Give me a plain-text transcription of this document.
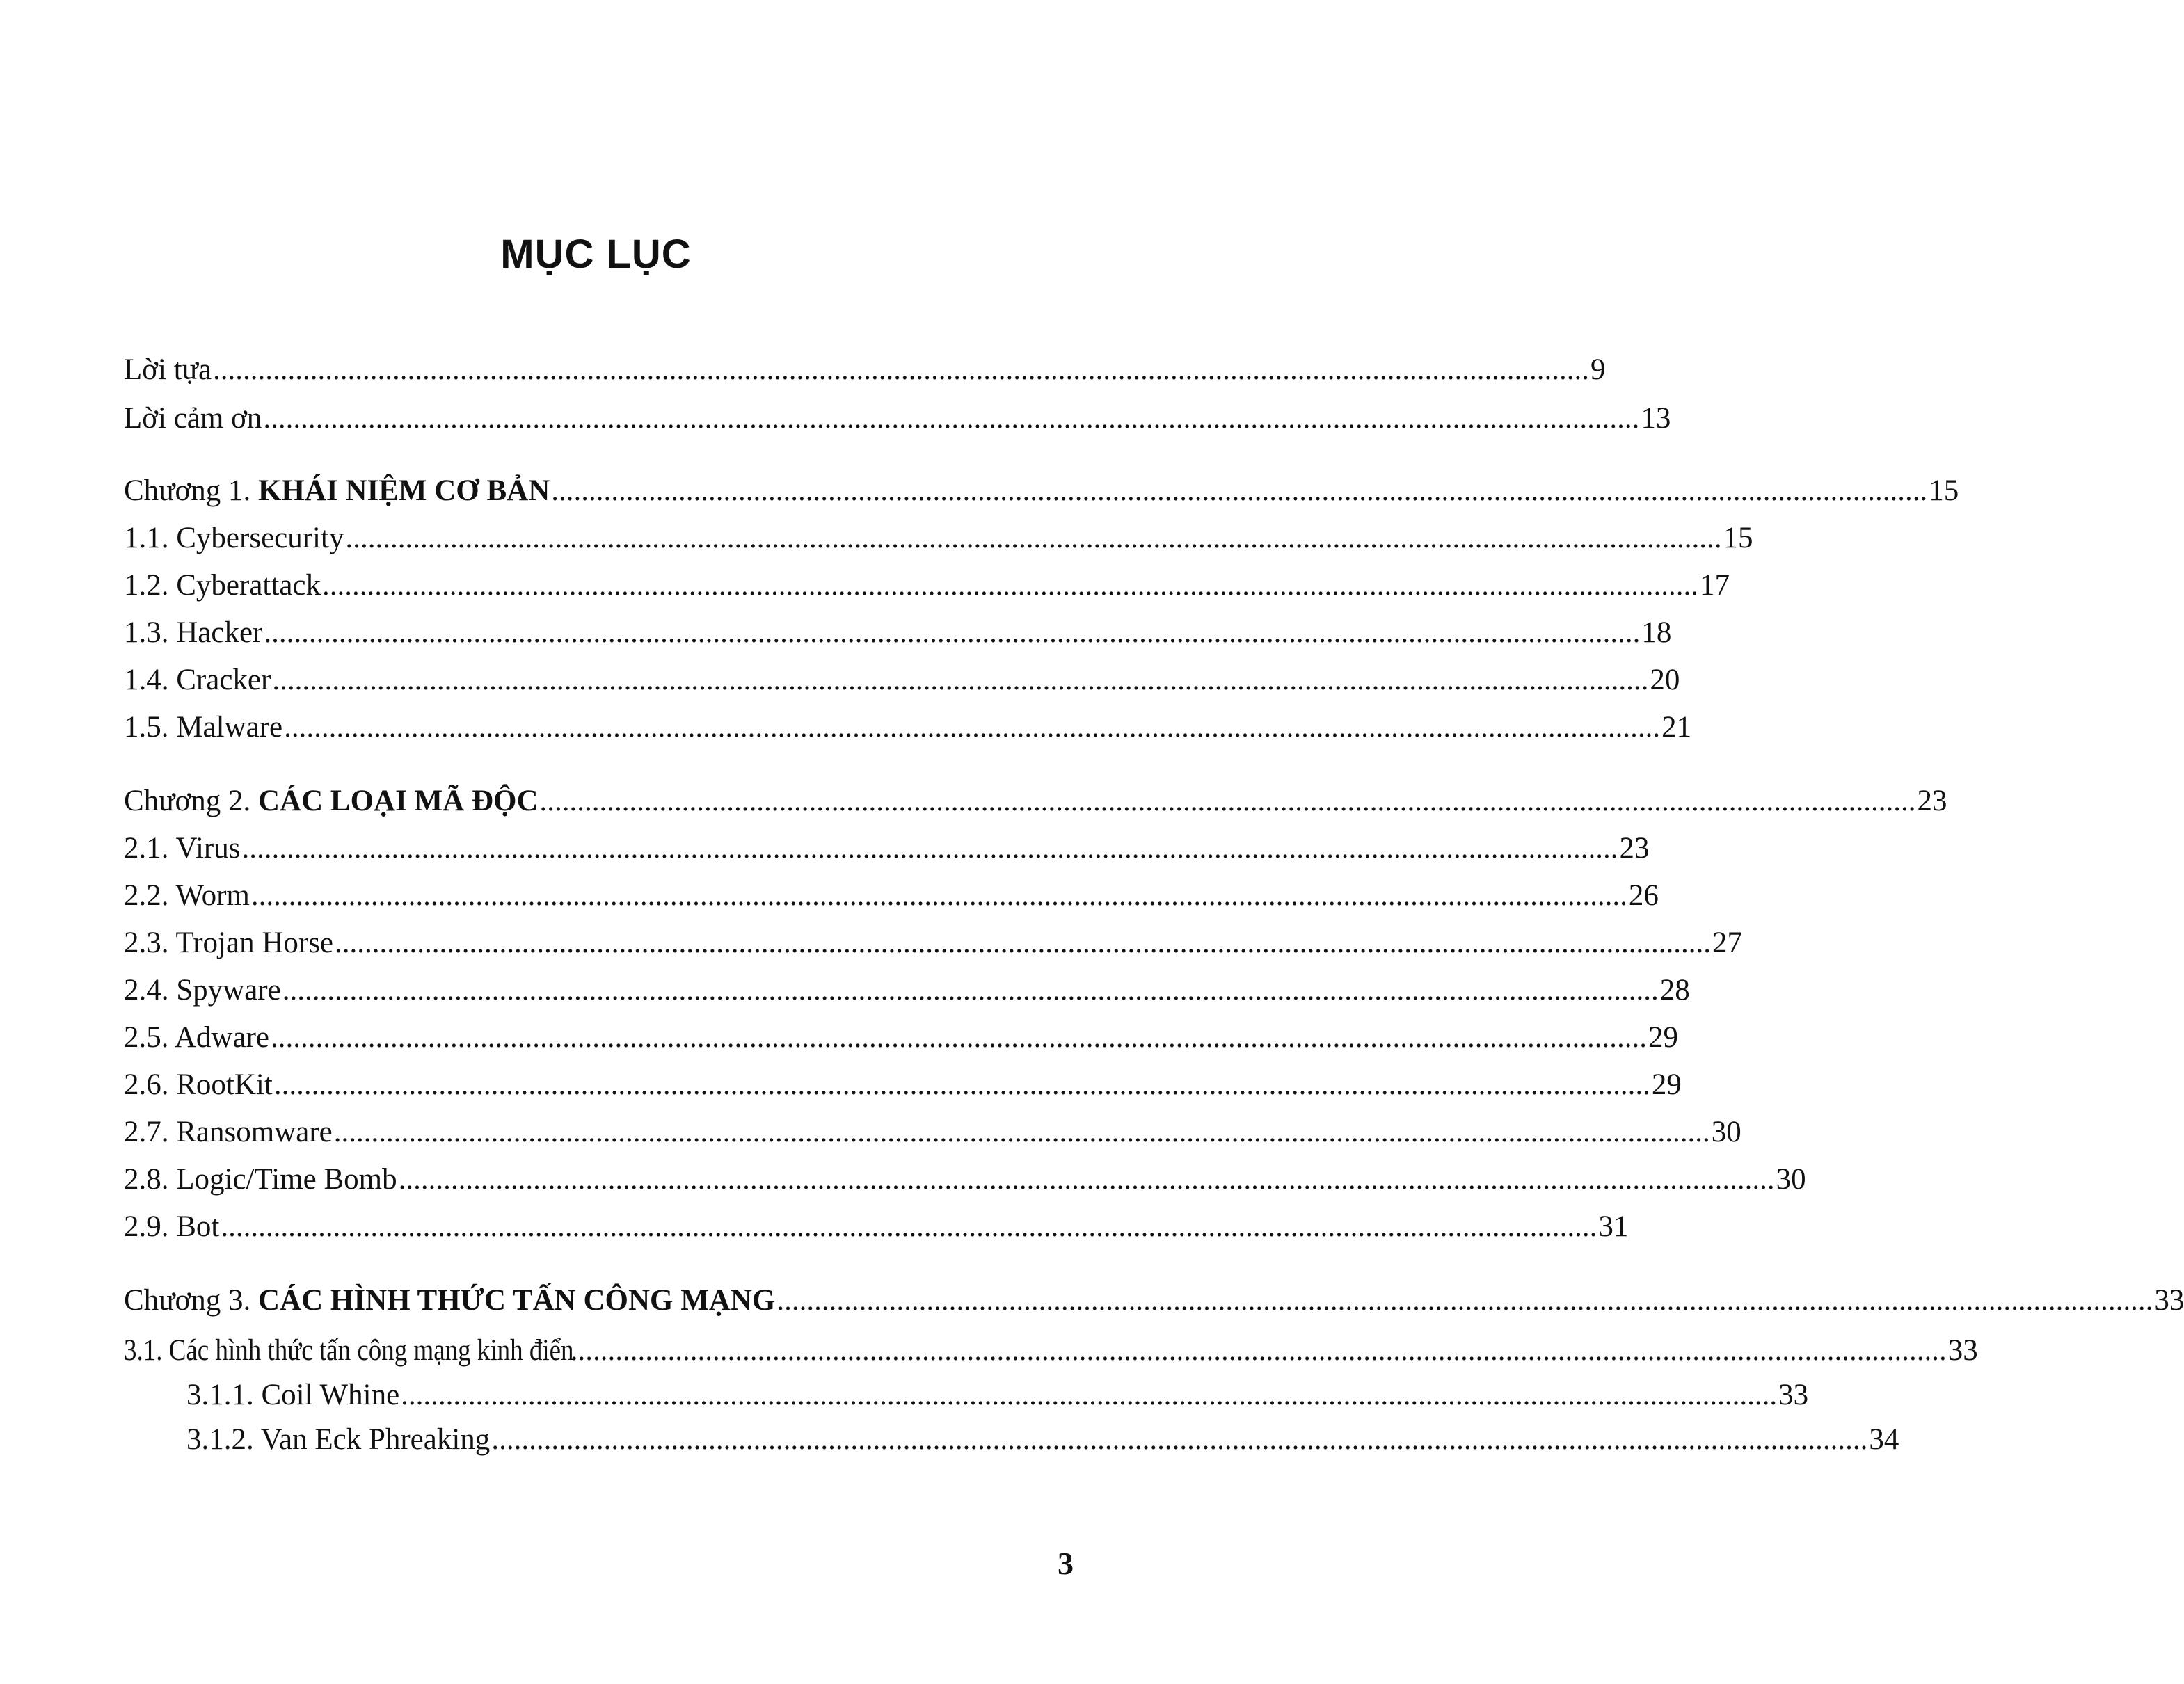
MỤC LỤC
Lời tựa ........................................................................................................................................................................................ 9
Lời cảm ơn ........................................................................................................................................................................................ 13
Chương 1. KHÁI NIỆM CƠ BẢN ........................................................................................................................................................................................ 15
1.1. Cybersecurity ........................................................................................................................................................................................ 15
1.2. Cyberattack ........................................................................................................................................................................................ 17
1.3. Hacker ........................................................................................................................................................................................ 18
1.4. Cracker ........................................................................................................................................................................................ 20
1.5. Malware ........................................................................................................................................................................................ 21
Chương 2. CÁC LOẠI MÃ ĐỘC ........................................................................................................................................................................................ 23
2.1. Virus ........................................................................................................................................................................................ 23
2.2. Worm ........................................................................................................................................................................................ 26
2.3. Trojan Horse ........................................................................................................................................................................................ 27
2.4. Spyware ........................................................................................................................................................................................ 28
2.5. Adware ........................................................................................................................................................................................ 29
2.6. RootKit ........................................................................................................................................................................................ 29
2.7. Ransomware ........................................................................................................................................................................................ 30
2.8. Logic/Time Bomb ........................................................................................................................................................................................ 30
2.9. Bot ........................................................................................................................................................................................ 31
Chương 3. CÁC HÌNH THỨC TẤN CÔNG MẠNG ........................................................................................................................................................................................ 33
3.1. Các hình thức tấn công mạng kinh điển
........................................................................................................................................................................................ 33
3.1.1. Coil Whine ........................................................................................................................................................................................ 33
3.1.2. Van Eck Phreaking ........................................................................................................................................................................................ 34
3
